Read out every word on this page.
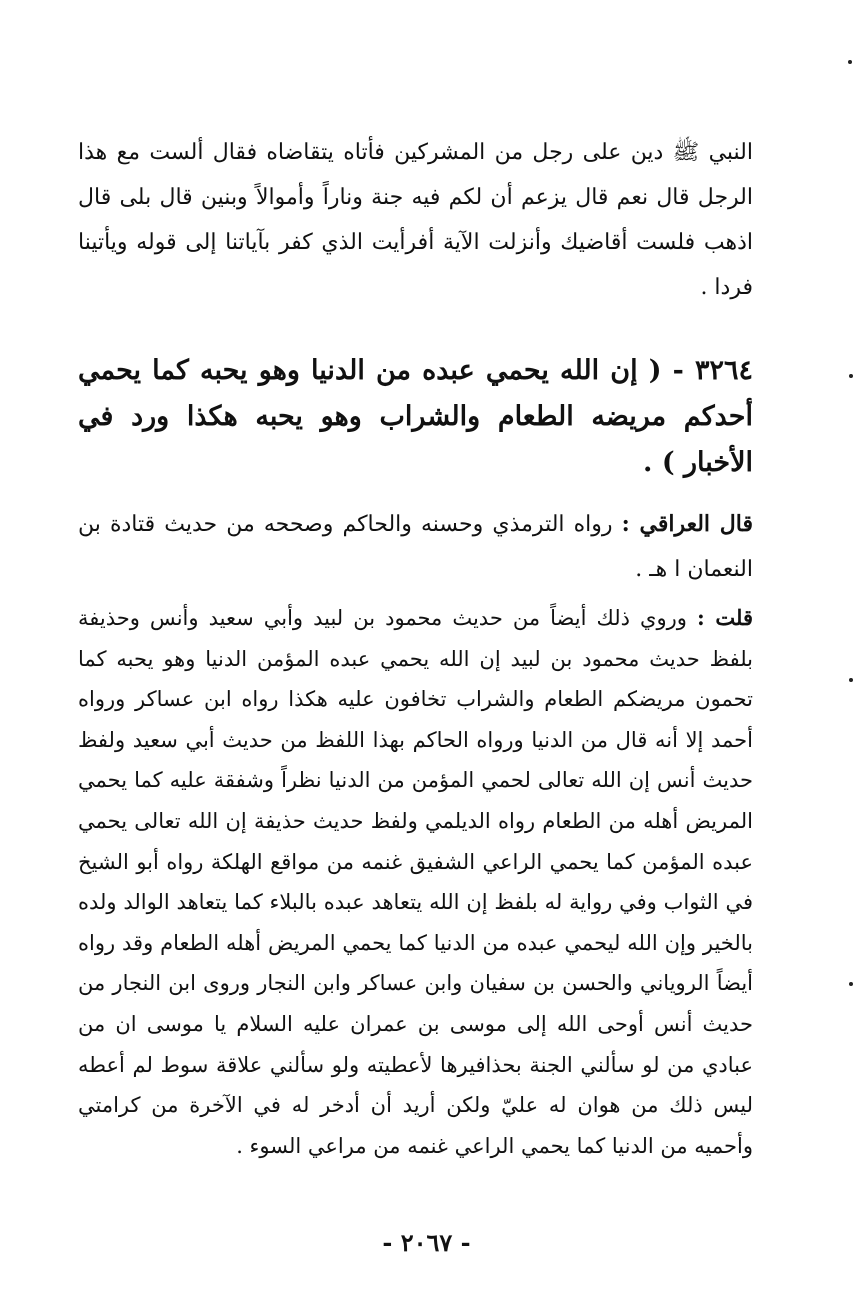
النبي ﷺ دين على رجل من المشركين فأتاه يتقاضاه فقال ألست مع هذا الرجل قال نعم قال يزعم أن لكم فيه جنة وناراً وأموالاً وبنين قال بلى قال اذهب فلست أقاضيك وأنزلت الآية أفرأيت الذي كفر بآياتنا إلى قوله ويأتينا فردا .

٣٢٦٤ - ( إن الله يحمي عبده من الدنيا وهو يحبه كما يحمي أحدكم مريضه الطعام والشراب وهو يحبه هكذا ورد في الأخبار ) .

قال العراقي : رواه الترمذي وحسنه والحاكم وصححه من حديث قتادة بن النعمان ا هـ .

قلت : وروي ذلك أيضاً من حديث محمود بن لبيد وأبي سعيد وأنس وحذيفة بلفظ حديث محمود بن لبيد إن الله يحمي عبده المؤمن الدنيا وهو يحبه كما تحمون مريضكم الطعام والشراب تخافون عليه هكذا رواه ابن عساكر ورواه أحمد إلا أنه قال من الدنيا ورواه الحاكم بهذا اللفظ من حديث أبي سعيد ولفظ حديث أنس إن الله تعالى لحمي المؤمن من الدنيا نظراً وشفقة عليه كما يحمي المريض أهله من الطعام رواه الديلمي ولفظ حديث حذيفة إن الله تعالى يحمي عبده المؤمن كما يحمي الراعي الشفيق غنمه من مواقع الهلكة رواه أبو الشيخ في الثواب وفي رواية له بلفظ إن الله يتعاهد عبده بالبلاء كما يتعاهد الوالد ولده بالخير وإن الله ليحمي عبده من الدنيا كما يحمي المريض أهله الطعام وقد رواه أيضاً الروياني والحسن بن سفيان وابن عساكر وابن النجار وروى ابن النجار من حديث أنس أوحى الله إلى موسى بن عمران عليه السلام يا موسى ان من عبادي من لو سألني الجنة بحذافيرها لأعطيته ولو سألني علاقة سوط لم أعطه ليس ذلك من هوان له عليّ ولكن أريد أن أدخر له في الآخرة من كرامتي وأحميه من الدنيا كما يحمي الراعي غنمه من مراعي السوء .

- ٢٠٦٧ -
